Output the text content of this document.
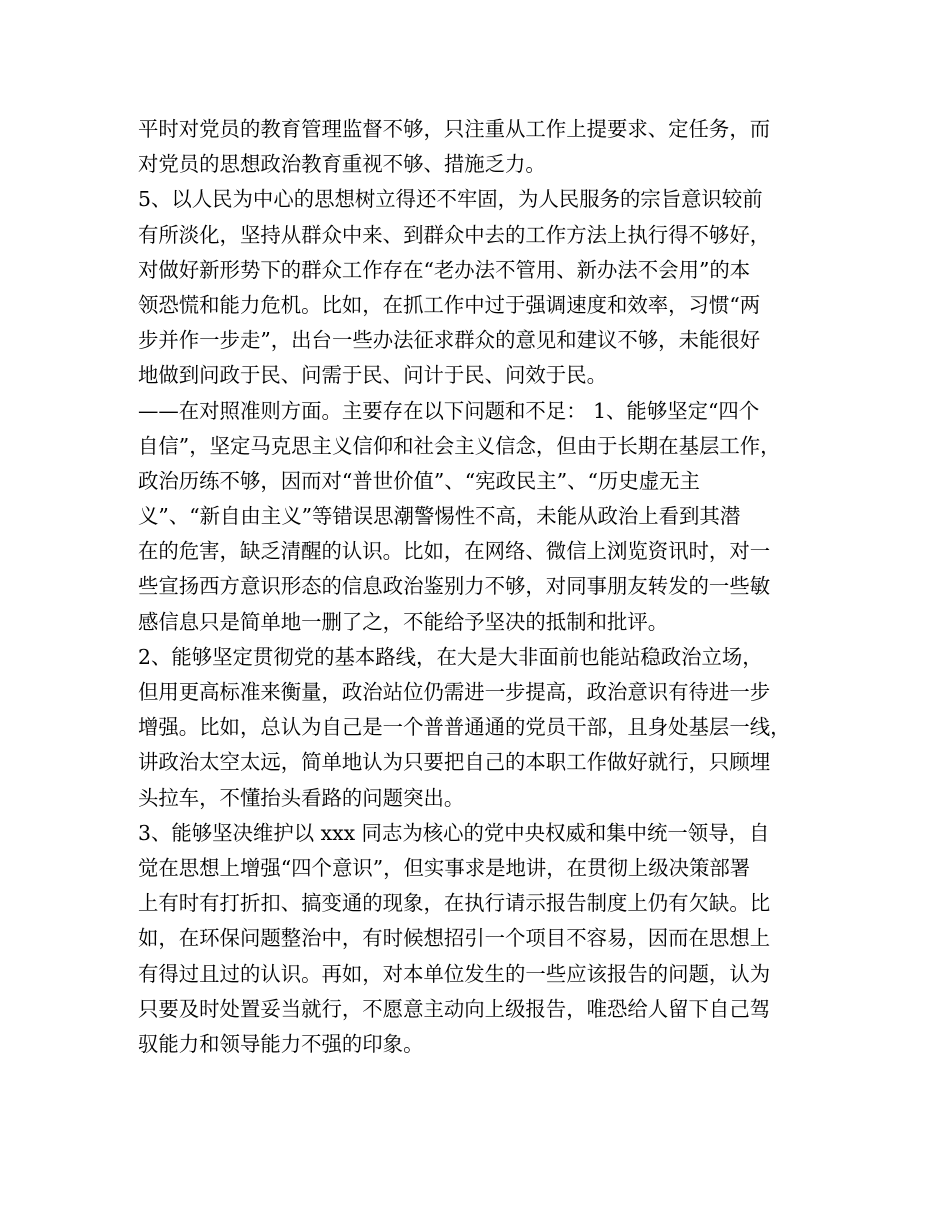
平时对党员的教育管理监督不够，只注重从工作上提要求、定任务，而
对党员的思想政治教育重视不够、措施乏力。
5、以人民为中心的思想树立得还不牢固，为人民服务的宗旨意识较前
有所淡化，坚持从群众中来、到群众中去的工作方法上执行得不够好，
对做好新形势下的群众工作存在“老办法不管用、新办法不会用”的本
领恐慌和能力危机。比如，在抓工作中过于强调速度和效率，习惯“两
步并作一步走”，出台一些办法征求群众的意见和建议不够，未能很好
地做到问政于民、问需于民、问计于民、问效于民。
——在对照准则方面。主要存在以下问题和不足： 1、能够坚定“四个
自信”，坚定马克思主义信仰和社会主义信念，但由于长期在基层工作，
政治历练不够，因而对“普世价值”、“宪政民主”、“历史虚无主
义”、“新自由主义”等错误思潮警惕性不高，未能从政治上看到其潜
在的危害，缺乏清醒的认识。比如，在网络、微信上浏览资讯时，对一
些宣扬西方意识形态的信息政治鉴别力不够，对同事朋友转发的一些敏
感信息只是简单地一删了之，不能给予坚决的抵制和批评。
2、能够坚定贯彻党的基本路线，在大是大非面前也能站稳政治立场，
但用更高标准来衡量，政治站位仍需进一步提高，政治意识有待进一步
增强。比如，总认为自己是一个普普通通的党员干部，且身处基层一线，
讲政治太空太远，简单地认为只要把自己的本职工作做好就行，只顾埋
头拉车，不懂抬头看路的问题突出。
3、能够坚决维护以 xxx 同志为核心的党中央权威和集中统一领导，自
觉在思想上增强“四个意识”，但实事求是地讲，在贯彻上级决策部署
上有时有打折扣、搞变通的现象，在执行请示报告制度上仍有欠缺。比
如，在环保问题整治中，有时候想招引一个项目不容易，因而在思想上
有得过且过的认识。再如，对本单位发生的一些应该报告的问题，认为
只要及时处置妥当就行，不愿意主动向上级报告，唯恐给人留下自己驾
驭能力和领导能力不强的印象。
